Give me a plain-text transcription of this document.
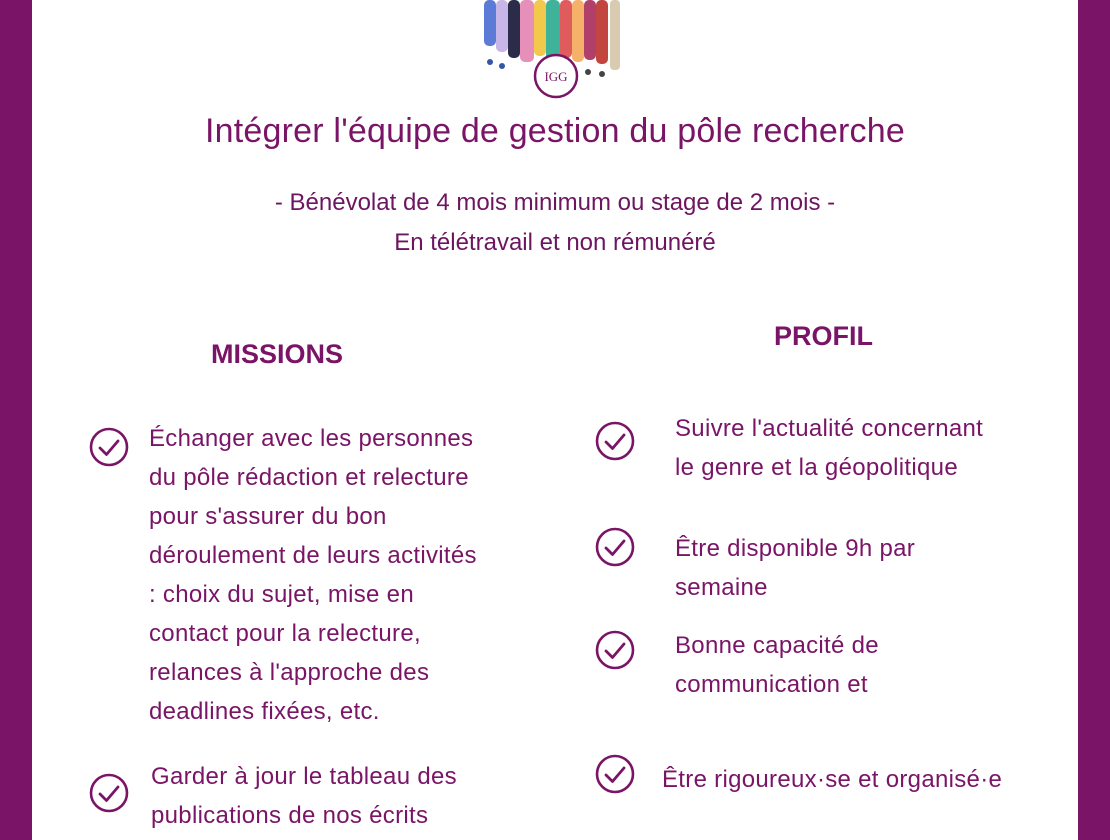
IGG
Intégrer l'équipe de gestion du pôle recherche
- Bénévolat de 4 mois minimum ou stage de 2 mois -
En télétravail et non rémunéré
MISSIONS
PROFIL
Échanger avec les personnes
du pôle rédaction et relecture
pour s'assurer du bon
déroulement de leurs activités
: choix du sujet, mise en
contact pour la relecture,
relances à l'approche des
deadlines fixées, etc.
Garder à jour le tableau des
publications de nos écrits
Suivre l'actualité concernant
le genre et la géopolitique
Être disponible 9h par
semaine
Bonne capacité de
communication et
Être rigoureux·se et organisé·e
